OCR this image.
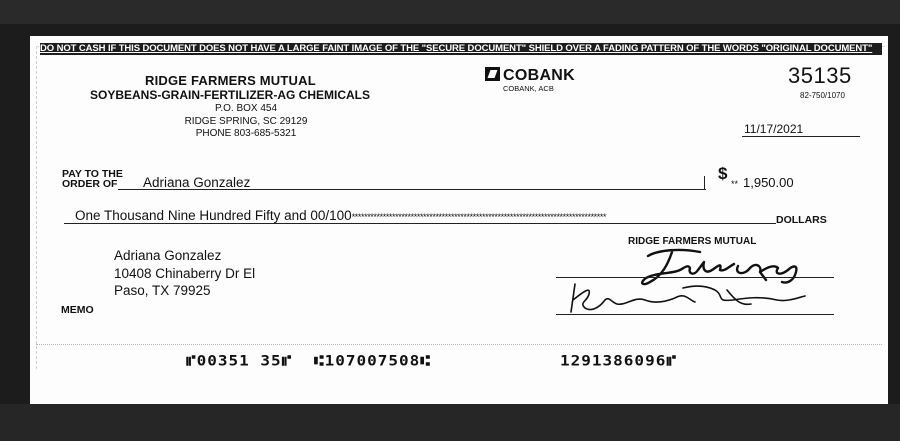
DO NOT CASH IF THIS DOCUMENT DOES NOT HAVE A LARGE FAINT IMAGE OF THE "SECURE DOCUMENT" SHIELD OVER A FADING PATTERN OF THE WORDS "ORIGINAL DOCUMENT"
RIDGE FARMERS MUTUAL
SOYBEANS-GRAIN-FERTILIZER-AG CHEMICALS
P.O. BOX 454
RIDGE SPRING, SC 29129
PHONE 803-685-5321
COBANK
COBANK, ACB
35135
82-750/1070
11/17/2021
PAY TO THE
ORDER OF	Adriana Gonzalez	$
** 1,950.00
One Thousand Nine Hundred Fifty and 00/100**********************************************************************************	DOLLARS
Adriana Gonzalez
10408 Chinaberry Dr El
Paso, TX 79925
MEMO
RIDGE FARMERS MUTUAL
⑈00351 35⑈ ⑆107007508⑆	1291386096⑈
